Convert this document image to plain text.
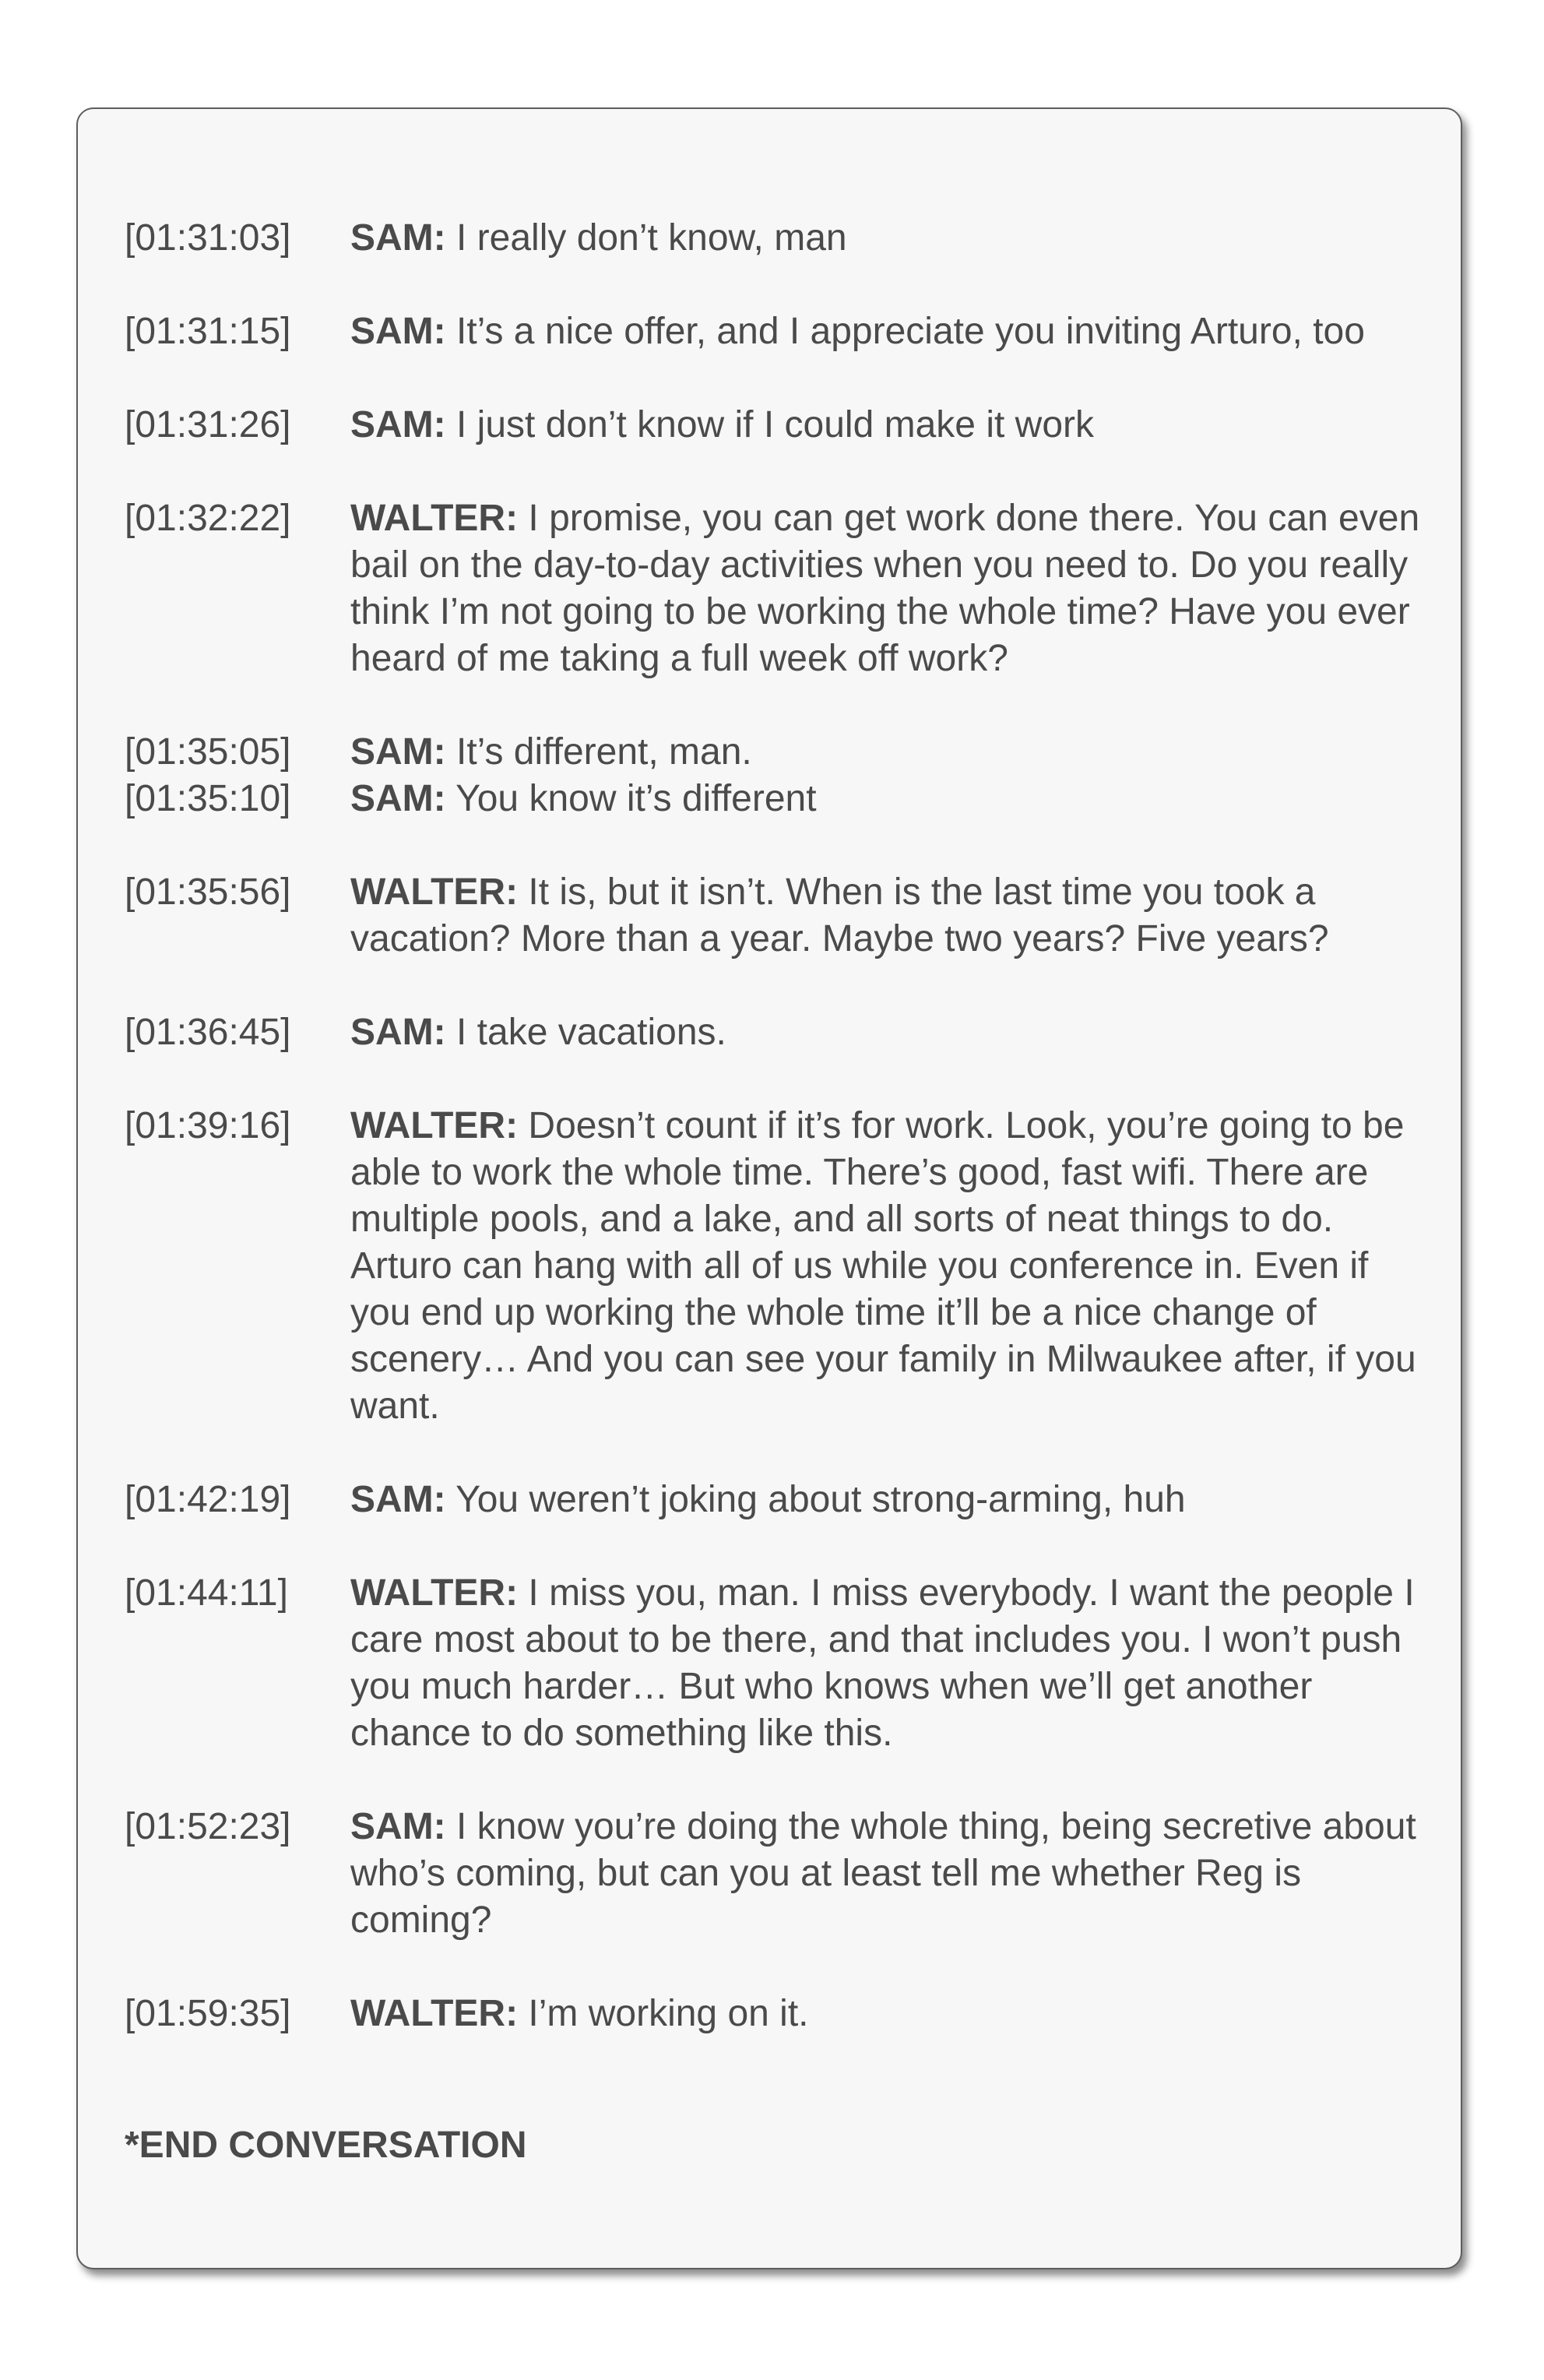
[01:31:03]	SAM: I really don’t know, man
[01:31:15]	SAM: It’s a nice offer, and I appreciate you inviting Arturo, too
[01:31:26]	SAM: I just don’t know if I could make it work
[01:32:22]	WALTER: I promise, you can get work done there. You can even bail on the day-to-day activities when you need to. Do you really think I’m not going to be working the whole time? Have you ever heard of me taking a full week off work?
[01:35:05]	SAM: It’s different, man.
[01:35:10]	SAM: You know it’s different
[01:35:56]	WALTER: It is, but it isn’t. When is the last time you took a vacation? More than a year. Maybe two years? Five years?
[01:36:45]	SAM: I take vacations.
[01:39:16]	WALTER: Doesn’t count if it’s for work. Look, you’re going to be able to work the whole time. There’s good, fast wifi. There are multiple pools, and a lake, and all sorts of neat things to do. Arturo can hang with all of us while you conference in. Even if you end up working the whole time it’ll be a nice change of scenery… And you can see your family in Milwaukee after, if you want.
[01:42:19]	SAM: You weren’t joking about strong-arming, huh
[01:44:11]	WALTER: I miss you, man. I miss everybody. I want the people I care most about to be there, and that includes you. I won’t push you much harder… But who knows when we’ll get another chance to do something like this.
[01:52:23]	SAM: I know you’re doing the whole thing, being secretive about who’s coming, but can you at least tell me whether Reg is coming?
[01:59:35]	WALTER: I’m working on it.
*END CONVERSATION
